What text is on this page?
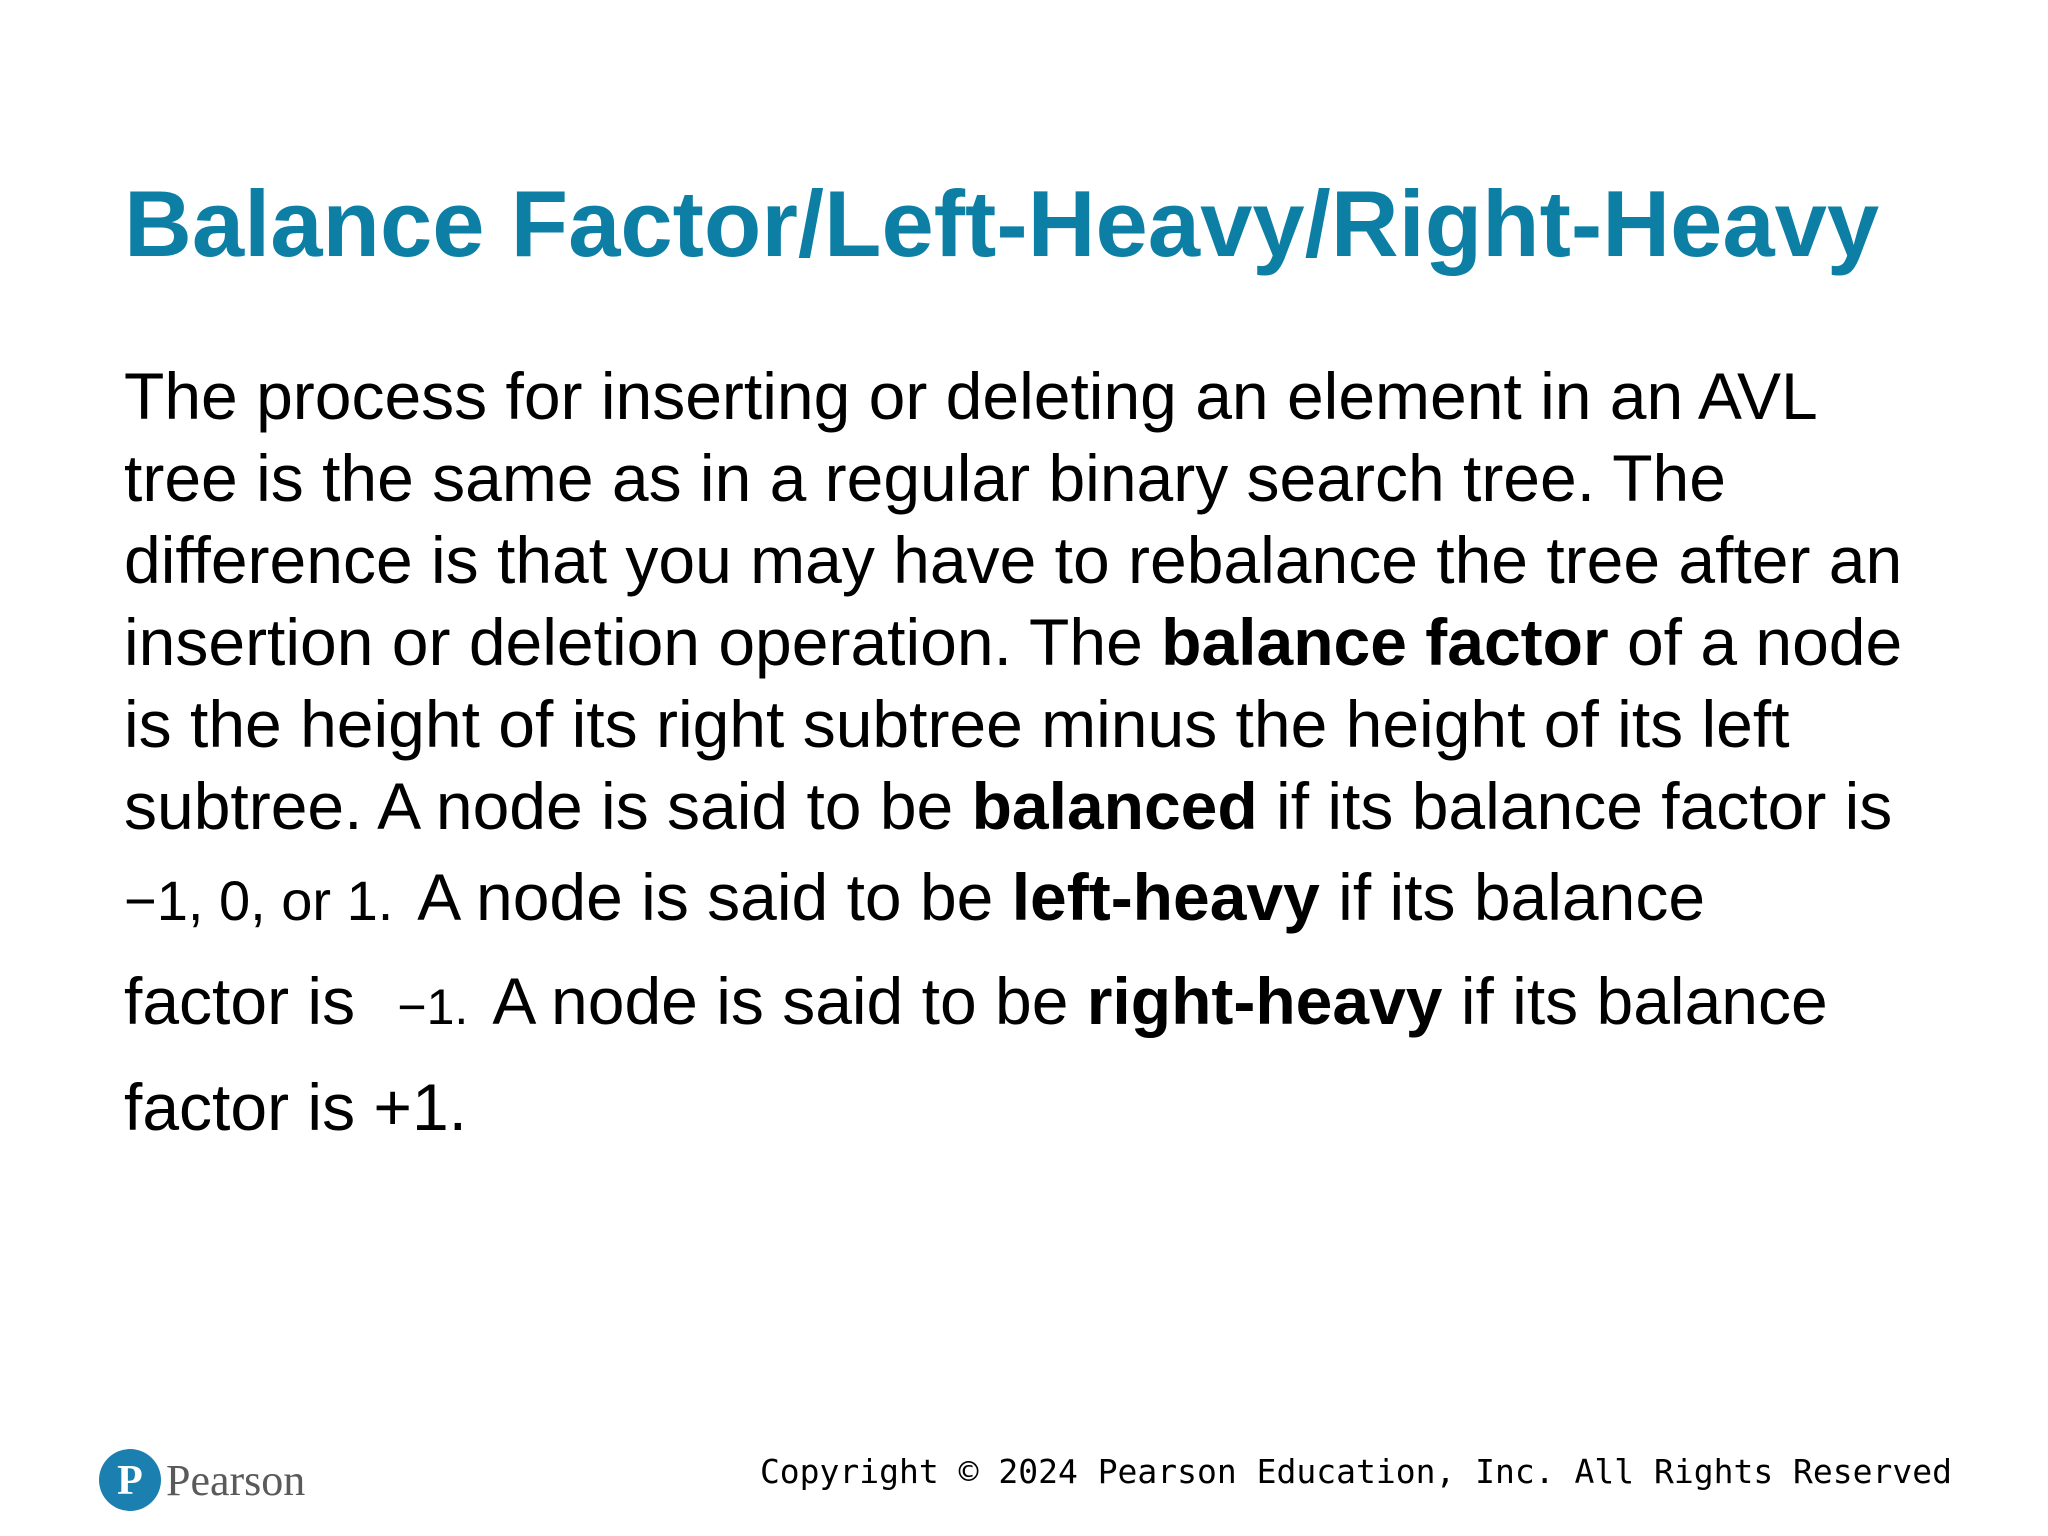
Balance Factor/Left-Heavy/Right-Heavy
The process for inserting or deleting an element in an AVL
tree is the same as in a regular binary search tree. The
difference is that you may have to rebalance the tree after an
insertion or deletion operation. The balance factor of a node
is the height of its right subtree minus the height of its left
subtree. A node is said to be balanced if its balance factor is
−1, 0, or 1. A node is said to be left-heavy if its balance
factor is −1. A node is said to be right-heavy if its balance
factor is +1.
P Pearson	Copyright © 2024 Pearson Education, Inc. All Rights Reserved
